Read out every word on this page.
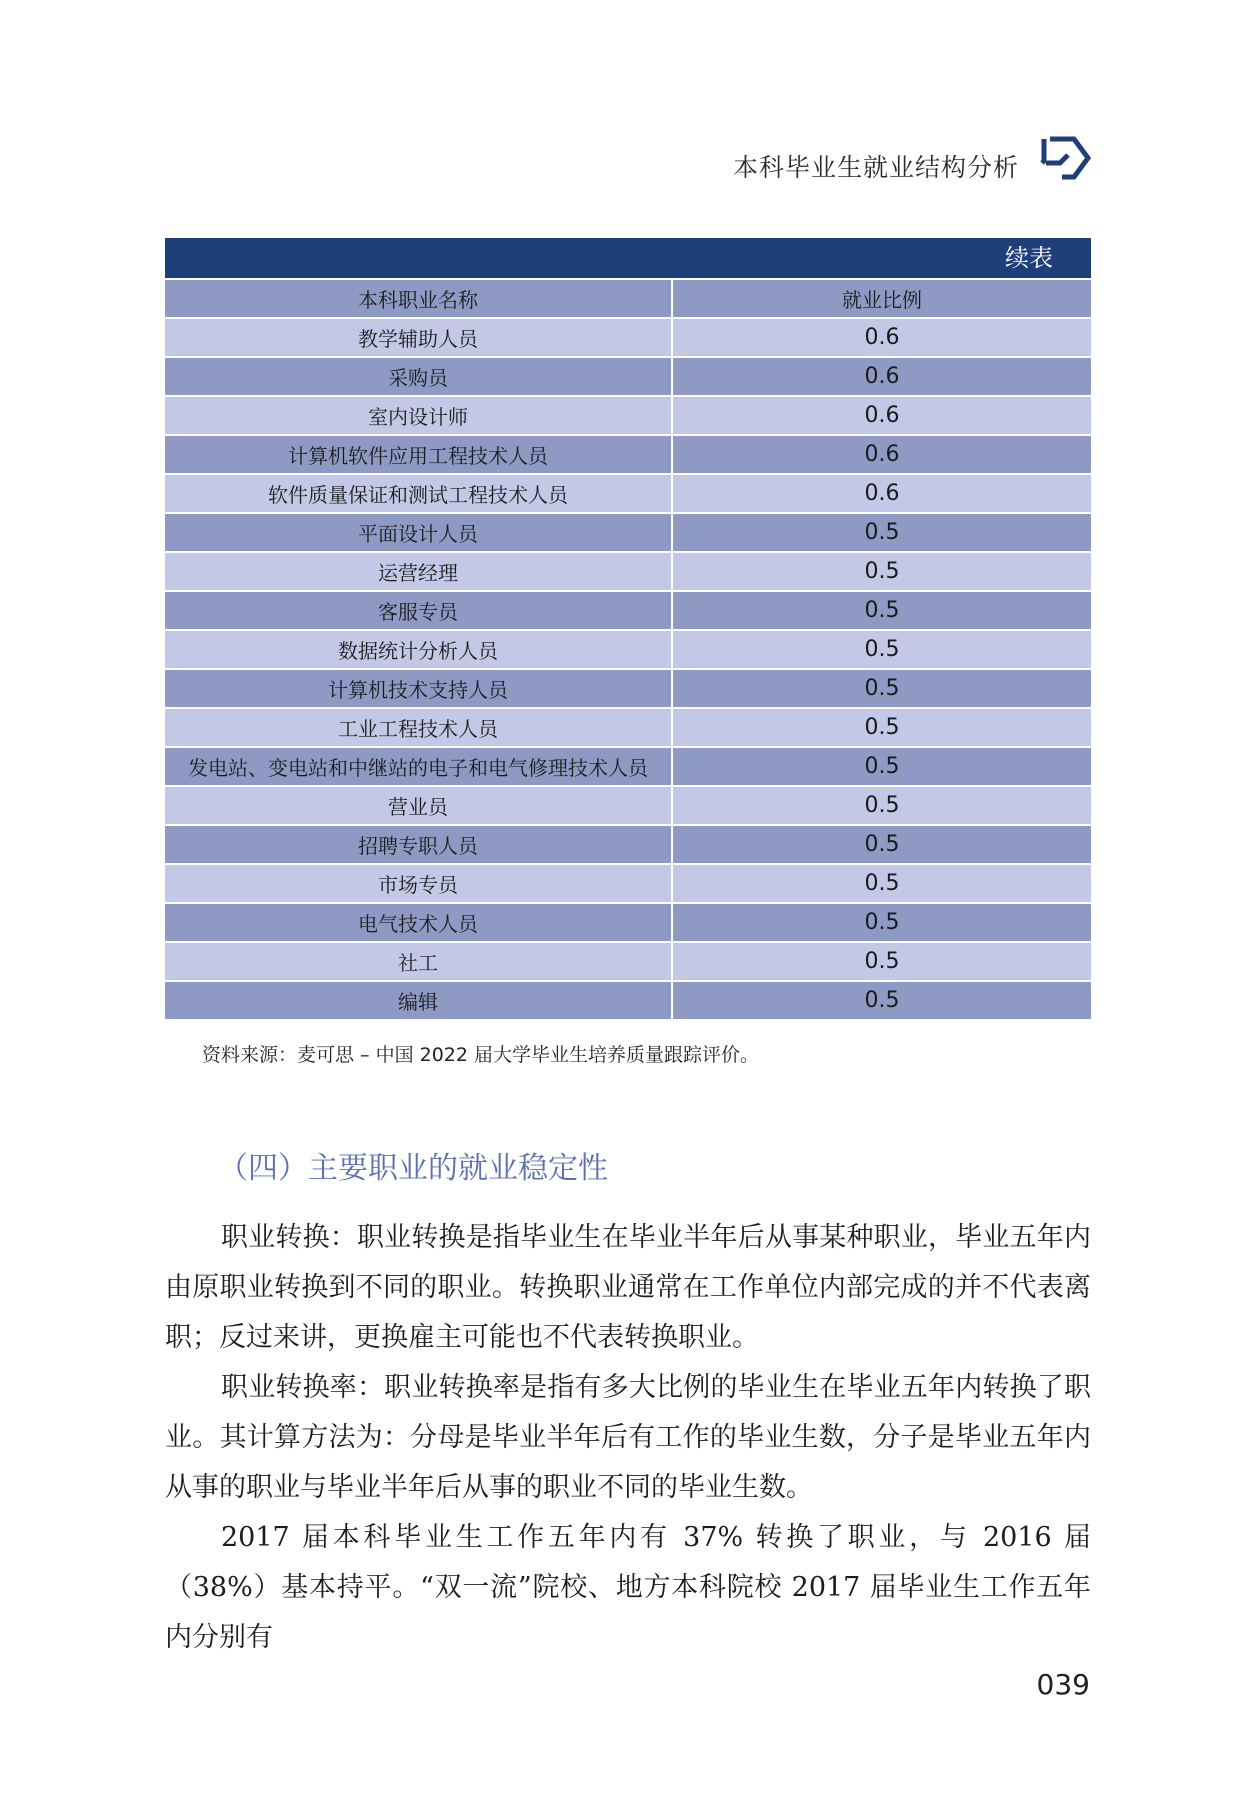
本科毕业生就业结构分析
续表
本科职业名称	就业比例
教学辅助人员	0.6
采购员	0.6
室内设计师	0.6
计算机软件应用工程技术人员	0.6
软件质量保证和测试工程技术人员	0.6
平面设计人员	0.5
运营经理	0.5
客服专员	0.5
数据统计分析人员	0.5
计算机技术支持人员	0.5
工业工程技术人员	0.5
发电站、变电站和中继站的电子和电气修理技术人员	0.5
营业员	0.5
招聘专职人员	0.5
市场专员	0.5
电气技术人员	0.5
社工	0.5
编辑	0.5
资料来源：麦可思 – 中国 2022 届大学毕业生培养质量跟踪评价。
（四）主要职业的就业稳定性

职业转换：职业转换是指毕业生在毕业半年后从事某种职业，毕业五年内由原职业转换到不同的职业。转换职业通常在工作单位内部完成的并不代表离职；反过来讲，更换雇主可能也不代表转换职业。

职业转换率：职业转换率是指有多大比例的毕业生在毕业五年内转换了职业。其计算方法为：分母是毕业半年后有工作的毕业生数，分子是毕业五年内从事的职业与毕业半年后从事的职业不同的毕业生数。

2017 届本科毕业生工作五年内有 37% 转换了职业，与 2016 届（38%）基本持平。“双一流”院校、地方本科院校 2017 届毕业生工作五年内分别有

039
